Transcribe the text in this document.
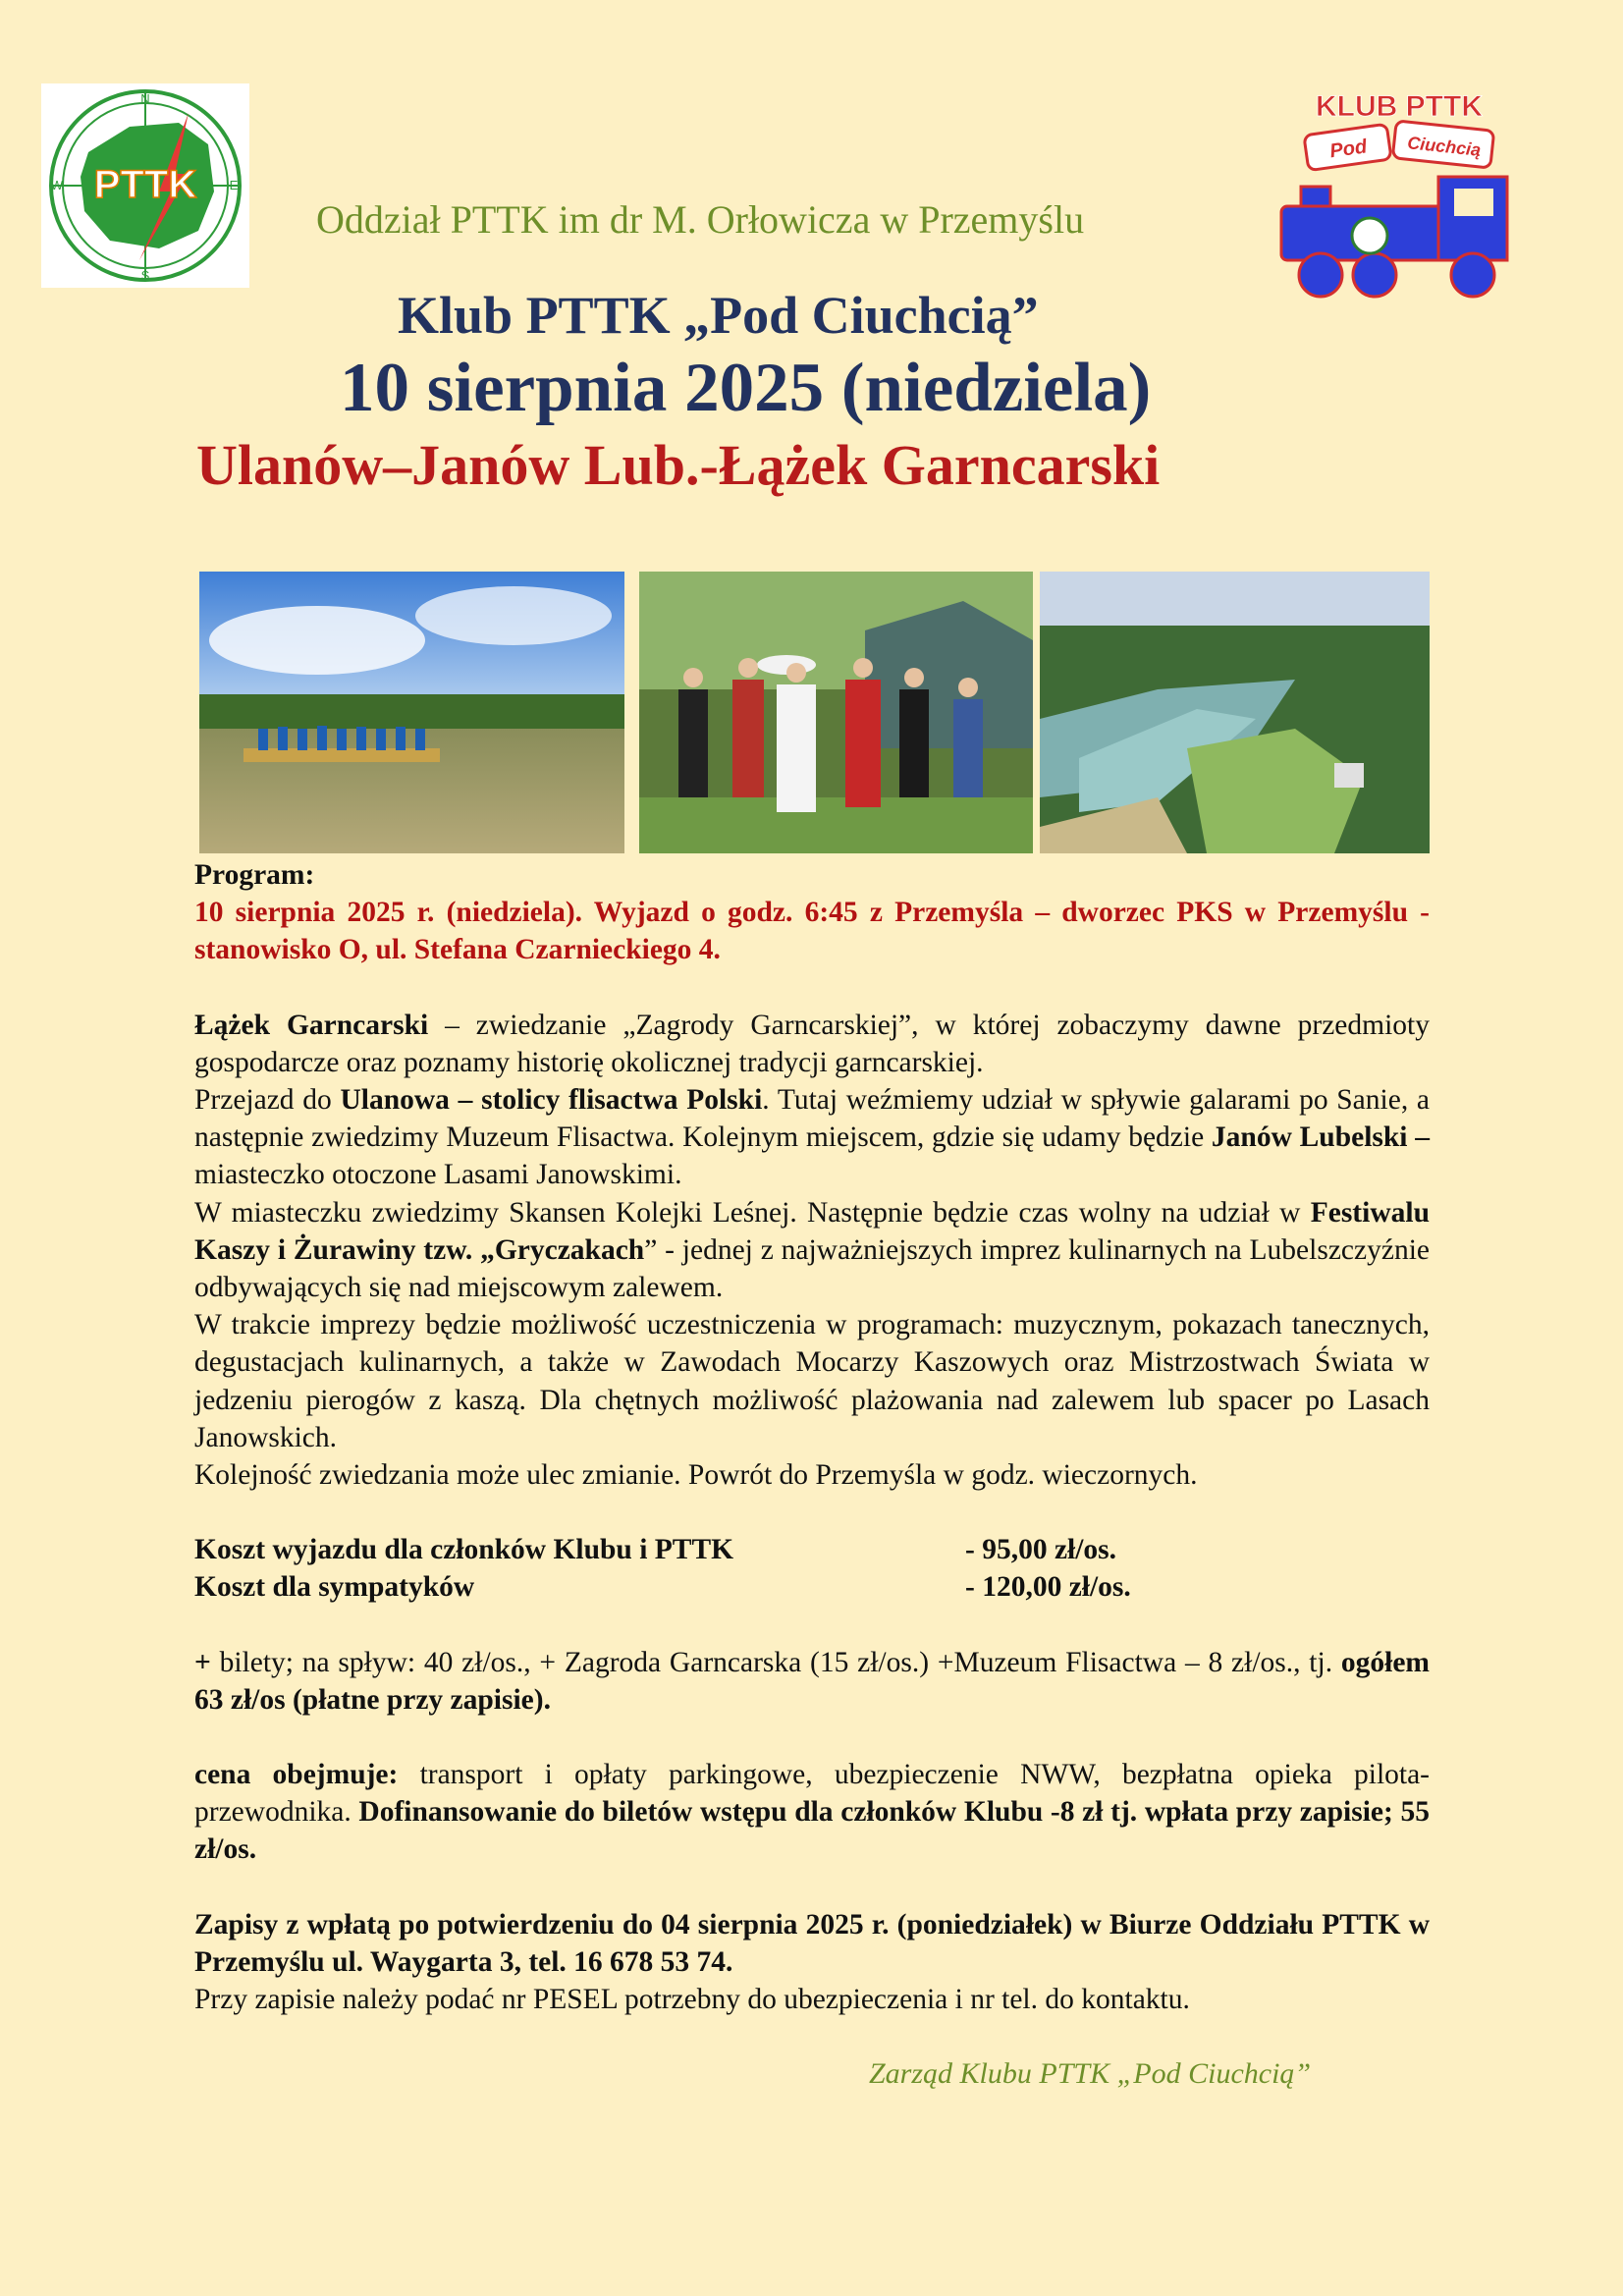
PTTK
N
E
S
W
KLUB PTTK
Pod Ciuchcią
Oddział PTTK im dr M. Orłowicza w Przemyślu
Klub PTTK „Pod Ciuchcią”
10 sierpnia 2025 (niedziela)
Ulanów–Janów Lub.-Łążek Garncarski

Program:

10 sierpnia 2025 r. (niedziela). Wyjazd o godz. 6:45 z Przemyśla – dworzec PKS w Przemyślu - stanowisko O, ul. Stefana Czarnieckiego 4.

Łążek Garncarski – zwiedzanie „Zagrody Garncarskiej”, w której zobaczymy dawne przedmioty gospodarcze oraz poznamy historię okolicznej tradycji garncarskiej.

Przejazd do Ulanowa – stolicy flisactwa Polski. Tutaj weźmiemy udział w spływie galarami po Sanie, a następnie zwiedzimy Muzeum Flisactwa. Kolejnym miejscem, gdzie się udamy będzie Janów Lubelski – miasteczko otoczone Lasami Janowskimi.

W miasteczku zwiedzimy Skansen Kolejki Leśnej. Następnie będzie czas wolny na udział w Festiwalu Kaszy i Żurawiny tzw. „Gryczakach” - jednej z najważniejszych imprez kulinarnych na Lubelszczyźnie odbywających się nad miejscowym zalewem.

W trakcie imprezy będzie możliwość uczestniczenia w programach: muzycznym, pokazach tanecznych, degustacjach kulinarnych, a także w Zawodach Mocarzy Kaszowych oraz Mistrzostwach Świata w jedzeniu pierogów z kaszą. Dla chętnych możliwość plażowania nad zalewem lub spacer po Lasach Janowskich.

Kolejność zwiedzania może ulec zmianie. Powrót do Przemyśla w godz. wieczornych.

Koszt wyjazdu dla członków Klubu i PTTK	- 95,00 zł/os.
Koszt dla sympatyków	- 120,00 zł/os.

+ bilety; na spływ: 40 zł/os., + Zagroda Garncarska (15 zł/os.) +Muzeum Flisactwa – 8 zł/os., tj. ogółem 63 zł/os (płatne przy zapisie).

cena obejmuje: transport i opłaty parkingowe, ubezpieczenie NWW, bezpłatna opieka pilota-przewodnika. Dofinansowanie do biletów wstępu dla członków Klubu -8 zł tj. wpłata przy zapisie; 55 zł/os.

Zapisy z wpłatą po potwierdzeniu do 04 sierpnia 2025 r. (poniedziałek) w Biurze Oddziału PTTK w Przemyślu ul. Waygarta 3, tel. 16 678 53 74.

Przy zapisie należy podać nr PESEL potrzebny do ubezpieczenia i nr tel. do kontaktu.

Zarząd Klubu PTTK „Pod Ciuchcią”
